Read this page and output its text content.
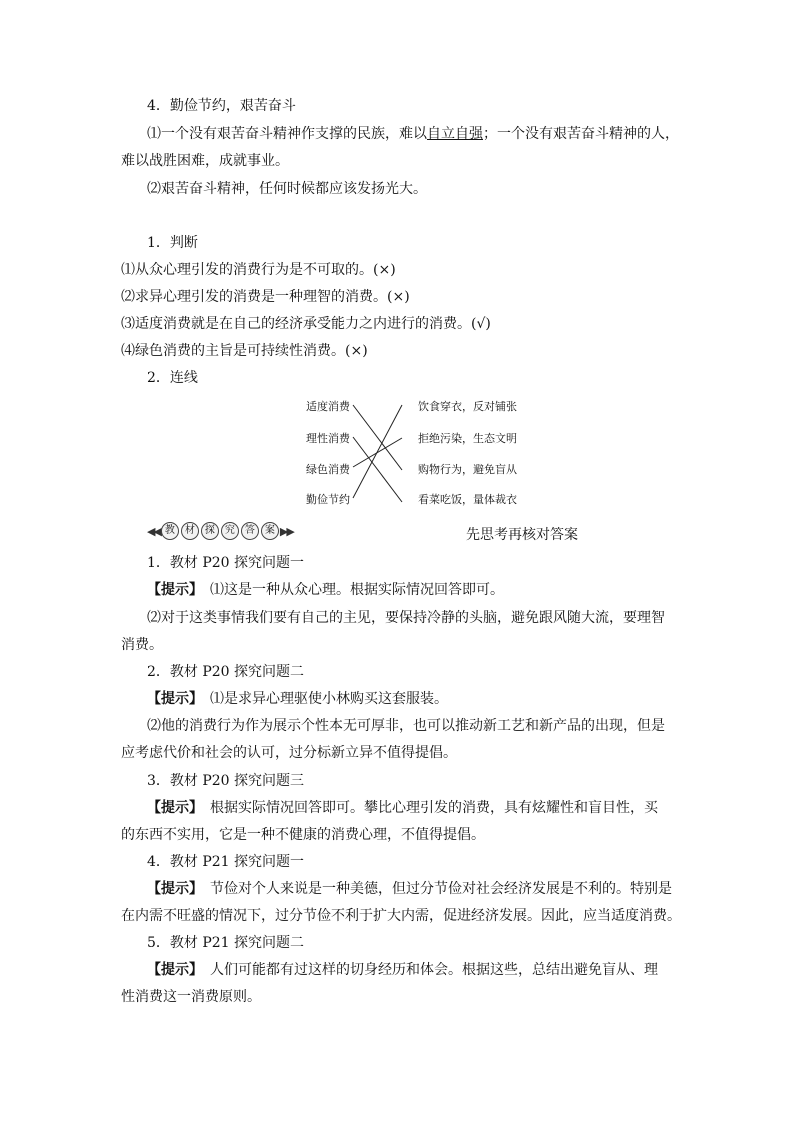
4．勤俭节约，艰苦奋斗
⑴一个没有艰苦奋斗精神作支撑的民族，难以自立自强；一个没有艰苦奋斗精神的人，
难以战胜困难，成就事业。
⑵艰苦奋斗精神，任何时候都应该发扬光大。
1．判断
⑴从众心理引发的消费行为是不可取的。(×)
⑵求异心理引发的消费是一种理智的消费。(×)
⑶适度消费就是在自己的经济承受能力之内进行的消费。(√)
⑷绿色消费的主旨是可持续性消费。(×)
2．连线
适度消费
理性消费
绿色消费
勤俭节约
饮食穿衣，反对铺张
拒绝污染，生态文明
购物行为，避免盲从
看菜吃饭，量体裁衣
◀◀ 教	材	探	究	答	案 ▶▶	先思考再核对答案
1．教材 P20 探究问题一
【提示】　⑴这是一种从众心理。根据实际情况回答即可。
⑵对于这类事情我们要有自己的主见，要保持冷静的头脑，避免跟风随大流，要理智
消费。
2．教材 P20 探究问题二
【提示】　⑴是求异心理驱使小林购买这套服装。
⑵他的消费行为作为展示个性本无可厚非，也可以推动新工艺和新产品的出现，但是
应考虑代价和社会的认可，过分标新立异不值得提倡。
3．教材 P20 探究问题三
【提示】　根据实际情况回答即可。攀比心理引发的消费，具有炫耀性和盲目性，买
的东西不实用，它是一种不健康的消费心理，不值得提倡。
4．教材 P21 探究问题一
【提示】　节俭对个人来说是一种美德，但过分节俭对社会经济发展是不利的。特别是
在内需不旺盛的情况下，过分节俭不利于扩大内需，促进经济发展。因此，应当适度消费。
5．教材 P21 探究问题二
【提示】　人们可能都有过这样的切身经历和体会。根据这些，总结出避免盲从、理
性消费这一消费原则。
